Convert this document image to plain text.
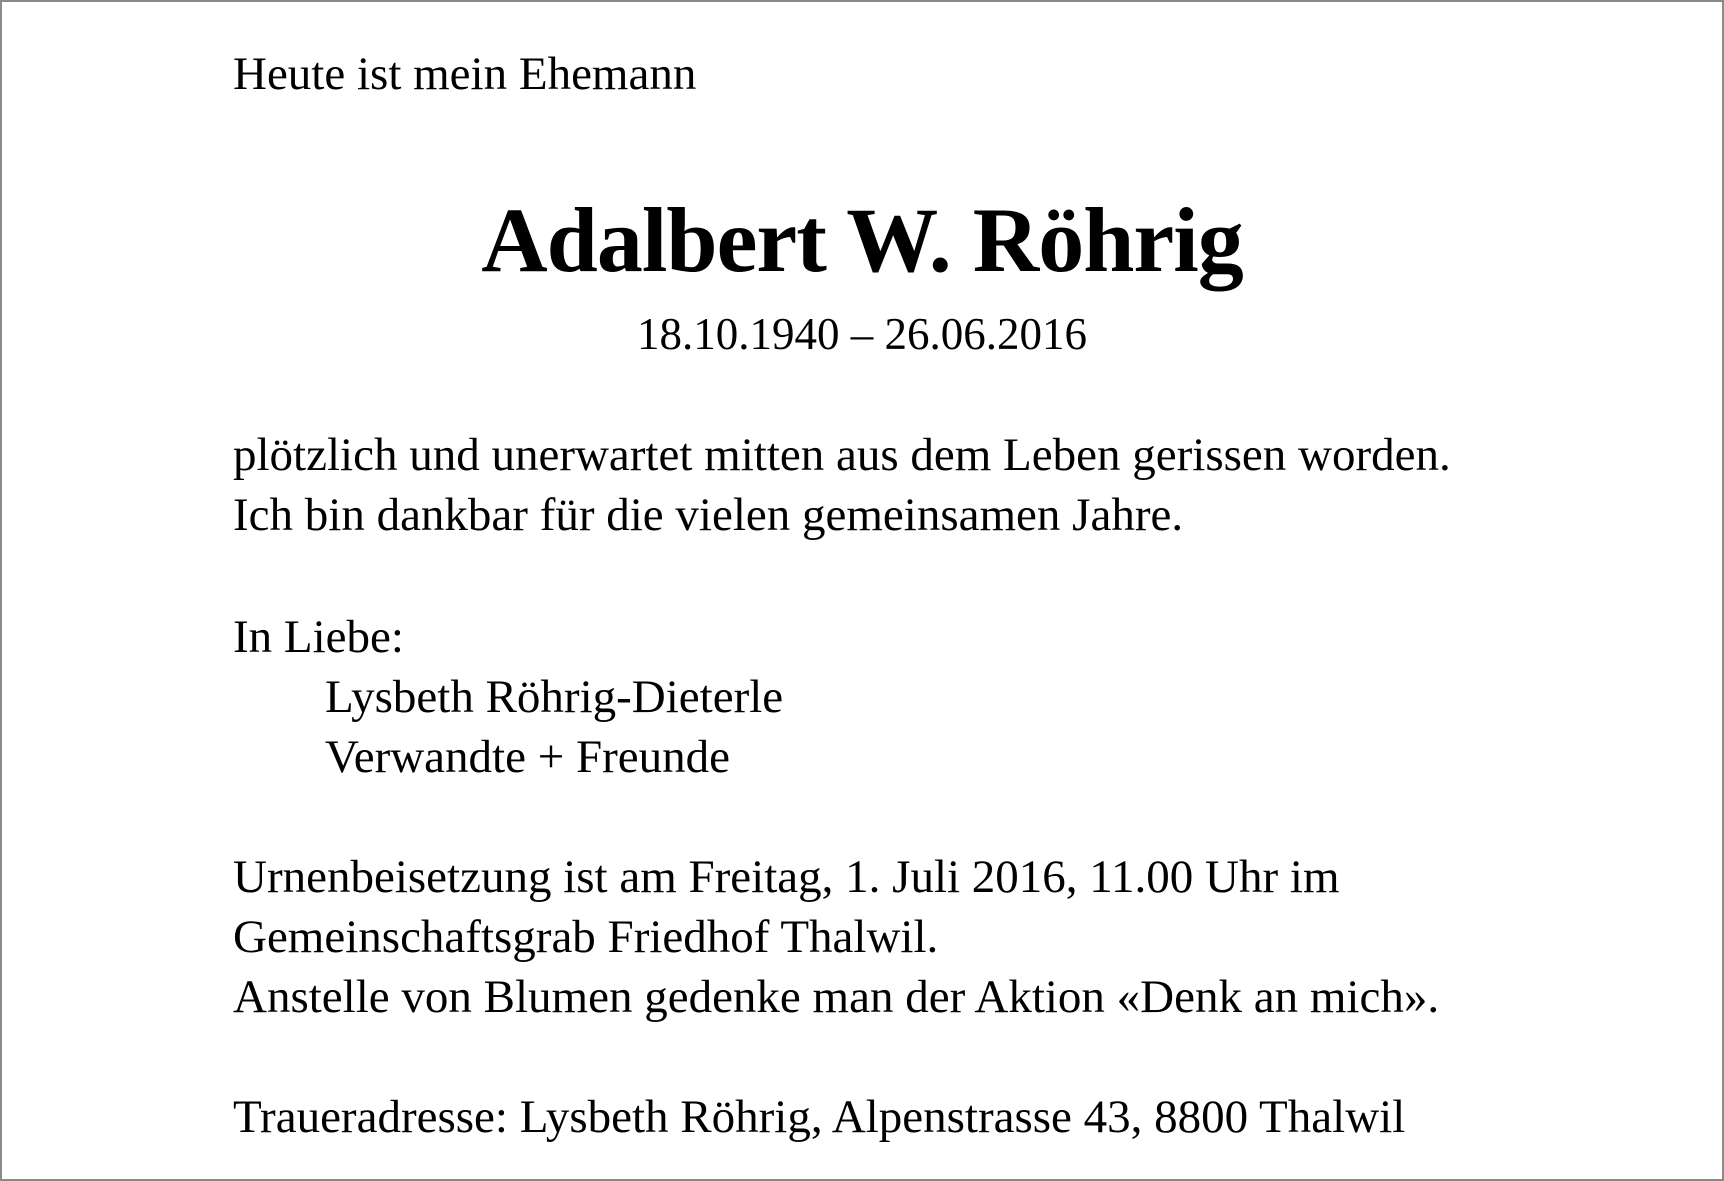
Heute ist mein Ehemann
Adalbert W. Röhrig
18.10.1940 – 26.06.2016
plötzlich und unerwartet mitten aus dem Leben gerissen worden.
Ich bin dankbar für die vielen gemeinsamen Jahre.
In Liebe:
Lysbeth Röhrig-Dieterle
Verwandte + Freunde
Urnenbeisetzung ist am Freitag, 1. Juli 2016, 11.00 Uhr im
Gemeinschaftsgrab Friedhof Thalwil.
Anstelle von Blumen gedenke man der Aktion «Denk an mich».
Traueradresse: Lysbeth Röhrig, Alpenstrasse 43, 8800 Thalwil
